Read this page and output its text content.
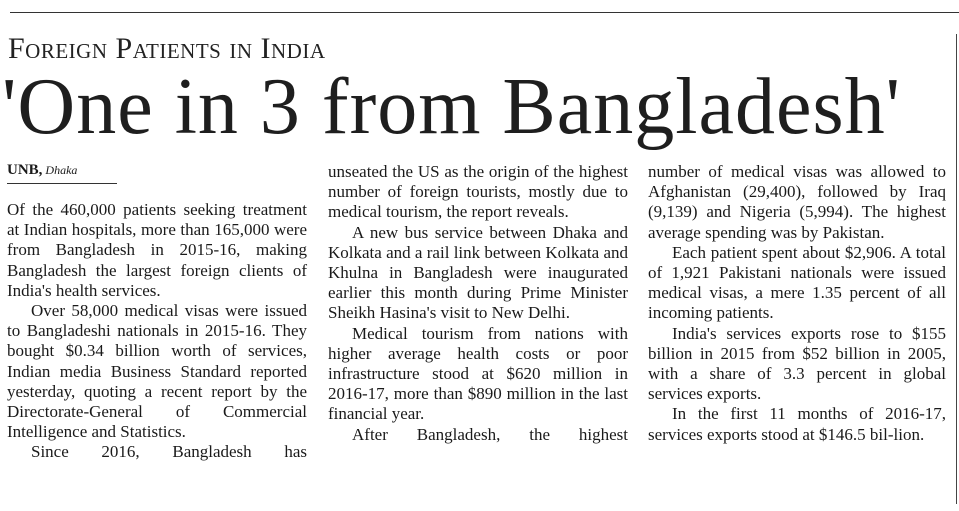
Foreign Patients in India
'One in 3 from Bangladesh'
UNB, Dhaka

Of the 460,000 patients seeking treatment at Indian hospitals, more than 165,000 were from Bangladesh in 2015-16, making Bangladesh the largest foreign clients of India's health services.

Over 58,000 medical visas were issued to Bangladeshi nationals in 2015-16. They bought $0.34 billion worth of services, Indian media Business Standard reported yesterday, quoting a recent report by the Directorate-General of Commercial Intelligence and Statistics.

Since 2016, Bangladesh has

unseated the US as the origin of the highest number of foreign tourists, mostly due to medical tourism, the report reveals.

A new bus service between Dhaka and Kolkata and a rail link between Kolkata and Khulna in Bangladesh were inaugurated earlier this month during Prime Minister Sheikh Hasina's visit to New Delhi.

Medical tourism from nations with higher average health costs or poor infrastructure stood at $620 million in 2016-17, more than $890 million in the last financial year.

After Bangladesh, the highest

number of medical visas was allowed to Afghanistan (29,400), followed by Iraq (9,139) and Nigeria (5,994). The highest average spending was by Pakistan.

Each patient spent about $2,906. A total of 1,921 Pakistani nationals were issued medical visas, a mere 1.35 percent of all incoming patients.

India's services exports rose to $155 billion in 2015 from $52 billion in 2005, with a share of 3.3 percent in global services exports.

In the first 11 months of 2016-17, services exports stood at $146.5 bil-lion.
